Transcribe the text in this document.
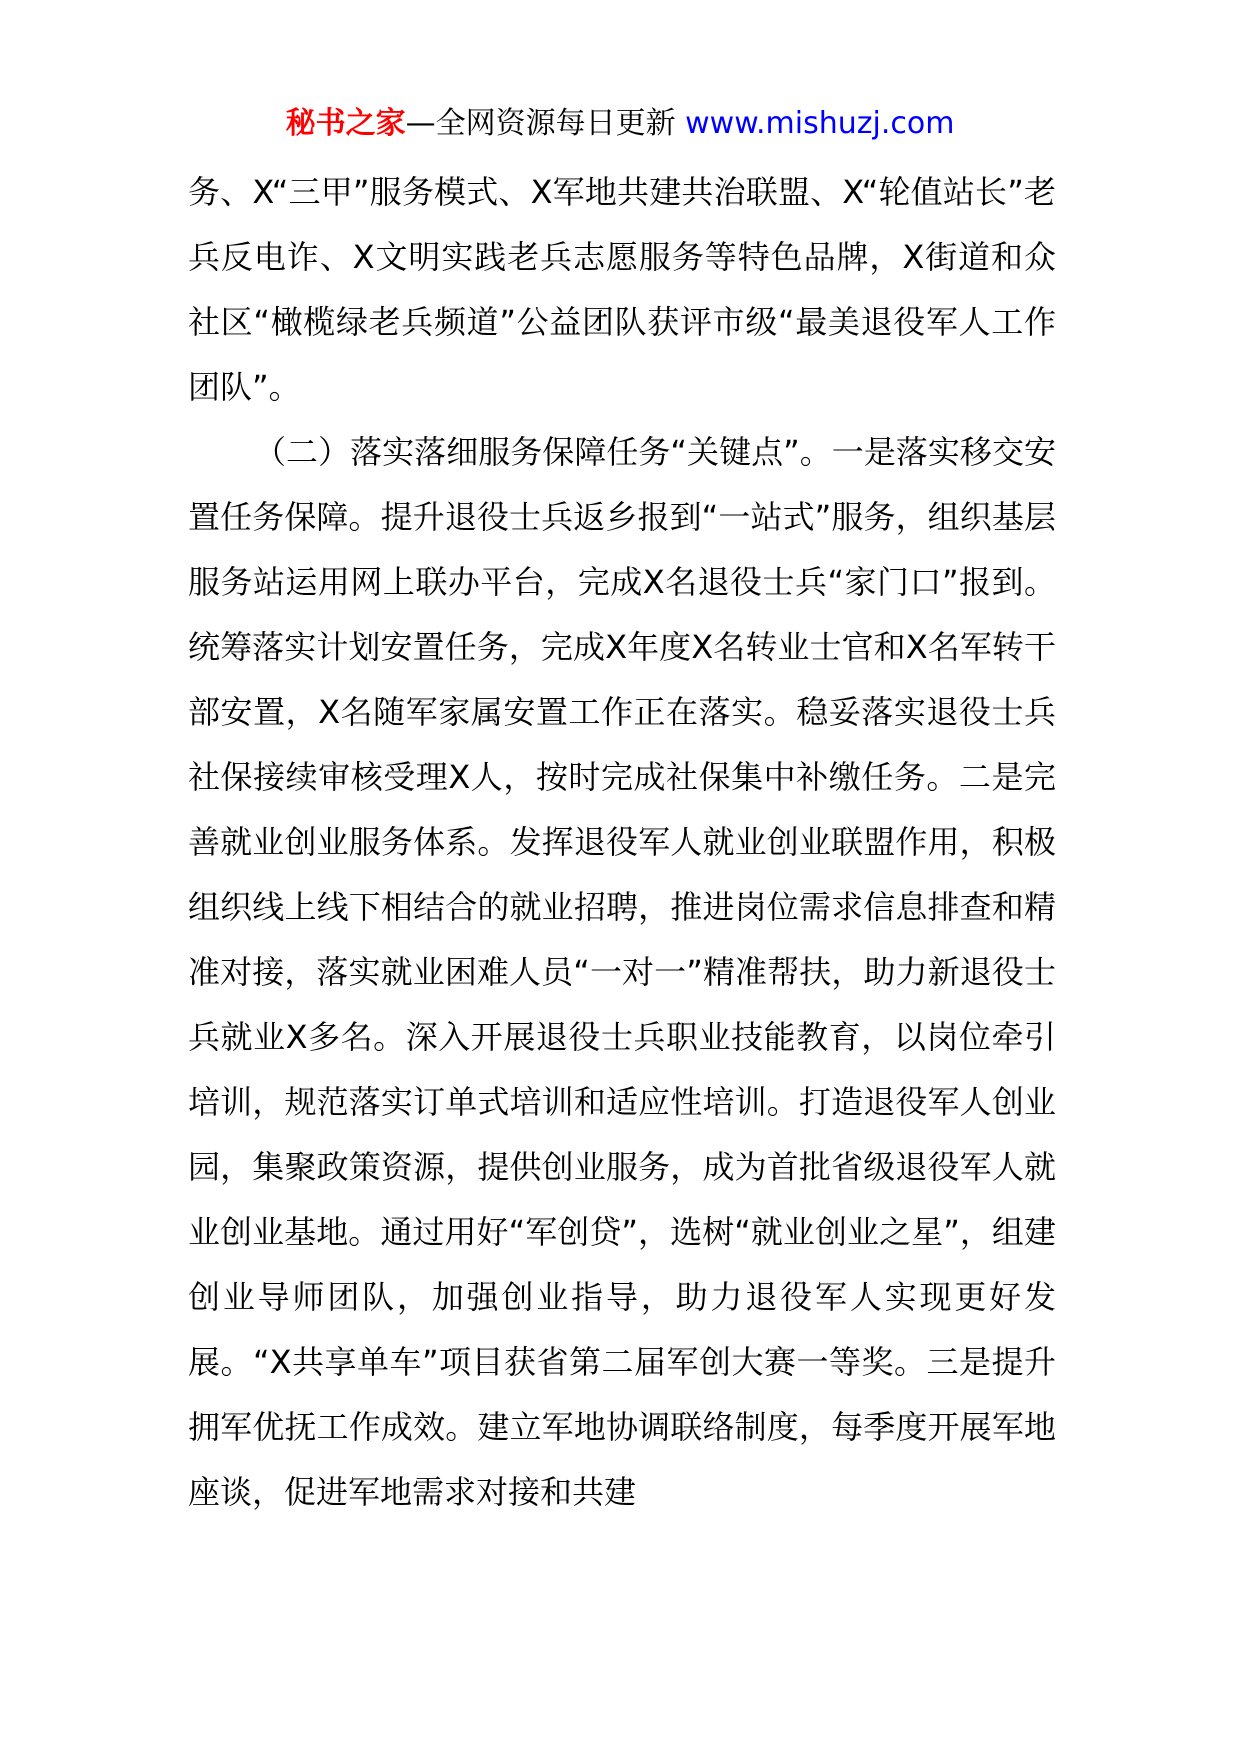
秘书之家—全网资源每日更新 www.mishuzj.com

务、X“三甲”服务模式、X军地共建共治联盟、X“轮值站长”老兵反电诈、X文明实践老兵志愿服务等特色品牌，X街道和众社区“橄榄绿老兵频道”公益团队获评市级“最美退役军人工作团队”。

（二）落实落细服务保障任务“关键点”。一是落实移交安置任务保障。提升退役士兵返乡报到“一站式”服务，组织基层服务站运用网上联办平台，完成X名退役士兵“家门口”报到。统筹落实计划安置任务，完成X年度X名转业士官和X名军转干部安置，X名随军家属安置工作正在落实。稳妥落实退役士兵社保接续审核受理X人，按时完成社保集中补缴任务。二是完善就业创业服务体系。发挥退役军人就业创业联盟作用，积极组织线上线下相结合的就业招聘，推进岗位需求信息排查和精准对接，落实就业困难人员“一对一”精准帮扶，助力新退役士兵就业X多名。深入开展退役士兵职业技能教育，以岗位牵引培训，规范落实订单式培训和适应性培训。打造退役军人创业园，集聚政策资源，提供创业服务，成为首批省级退役军人就业创业基地。通过用好“军创贷”，选树“就业创业之星”，组建创业导师团队，加强创业指导，助力退役军人实现更好发展。“X共享单车”项目获省第二届军创大赛一等奖。三是提升拥军优抚工作成效。建立军地协调联络制度，每季度开展军地座谈，促进军地需求对接和共建
